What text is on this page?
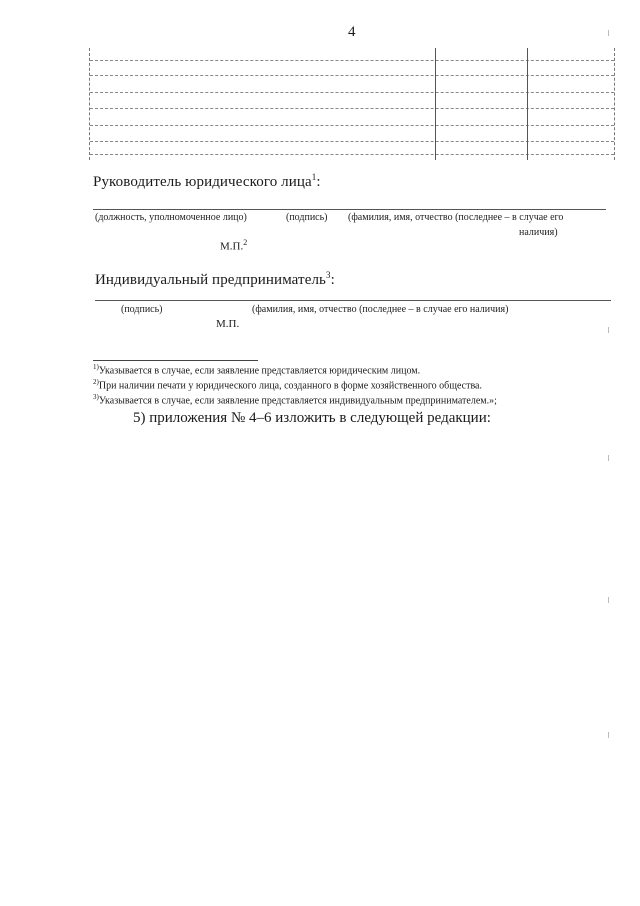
4
Руководитель юридического лица$^1$:
(должность, уполномоченное лицо)	(подпись) (фамилия, имя, отчество (последнее – в случае его
наличия)
М.П.$^2$
Индивидуальный предприниматель$^3$:
(подпись)	(фамилия, имя, отчество (последнее – в случае его наличия)
М.П.
$^{1)}$Указывается в случае, если заявление представляется юридическим лицом.
$^{2)}$При наличии печати у юридического лица, созданного в форме хозяйственного общества.
$^{3)}$Указывается в случае, если заявление представляется индивидуальным предпринимателем.»;
5) приложения № 4–6 изложить в следующей редакции:
